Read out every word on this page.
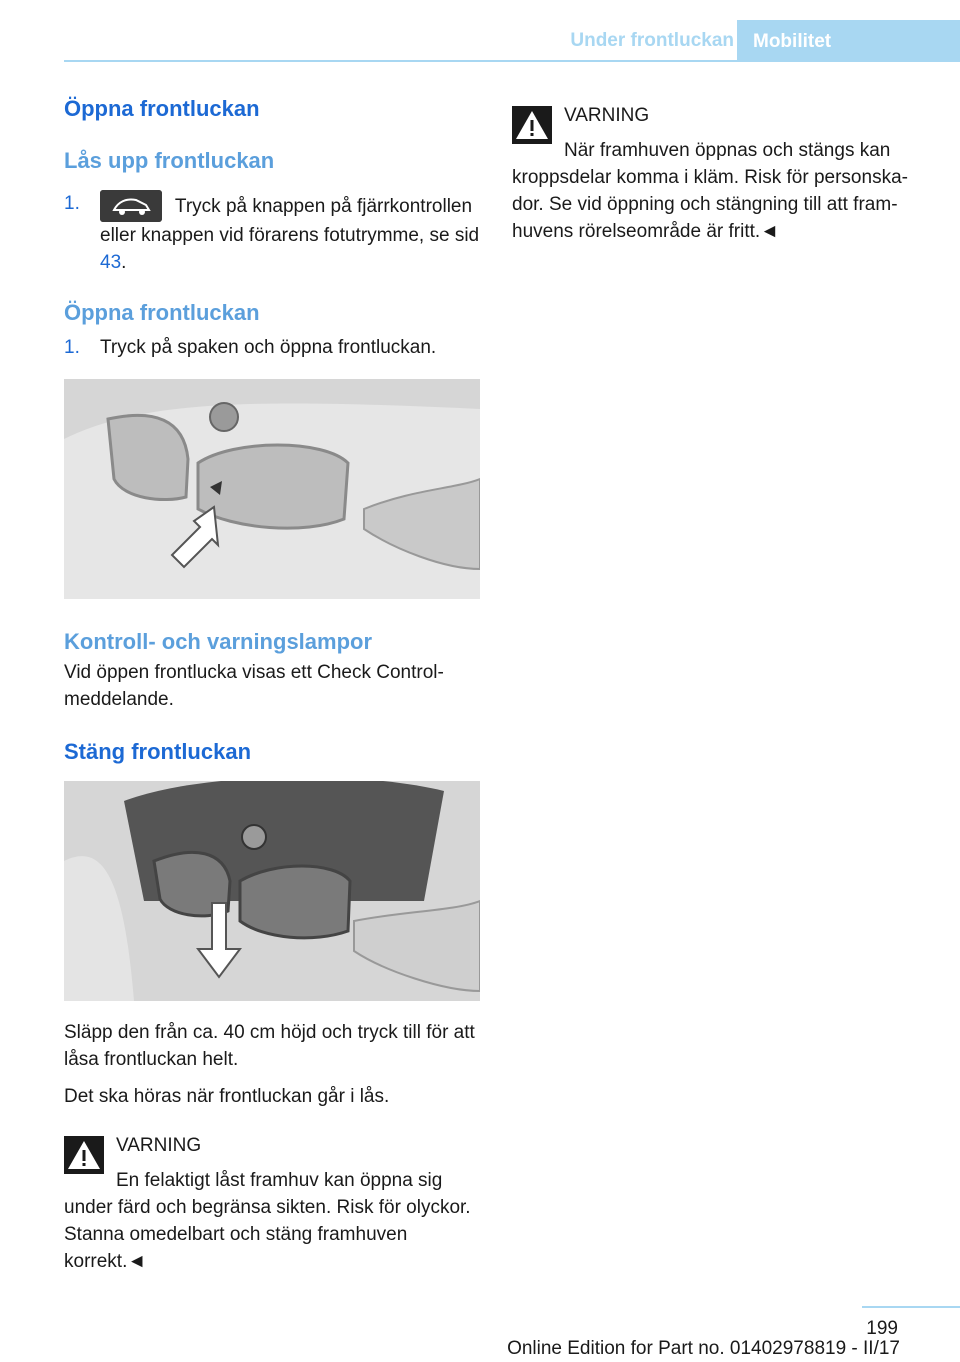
Under frontluckan	Mobilitet
Öppna frontluckan
Lås upp frontluckan
1.	Tryck på knappen på fjärrkontrollen eller knappen vid förarens fotutrymme, se sid 43.
Öppna frontluckan
1. Tryck på spaken och öppna frontluckan.
Kontroll- och varningslampor

Vid öppen frontlucka visas ett Check Control-meddelande.

Stäng frontluckan

Släpp den från ca. 40 cm höjd och tryck till för att låsa frontluckan helt.

Det ska höras när frontluckan går i lås.

VARNING
En felaktigt låst framhuv kan öppna sig

under färd och begränsa sikten. Risk för olyckor. Stanna omedelbart och stäng framhuven korrekt.◄

VARNING
När framhuven öppnas och stängs kan

kroppsdelar komma i kläm. Risk för personskador. Se vid öppning och stängning till att framhuvens rörelseområde är fritt.◄

199
Online Edition for Part no. 01402978819 - II/17
